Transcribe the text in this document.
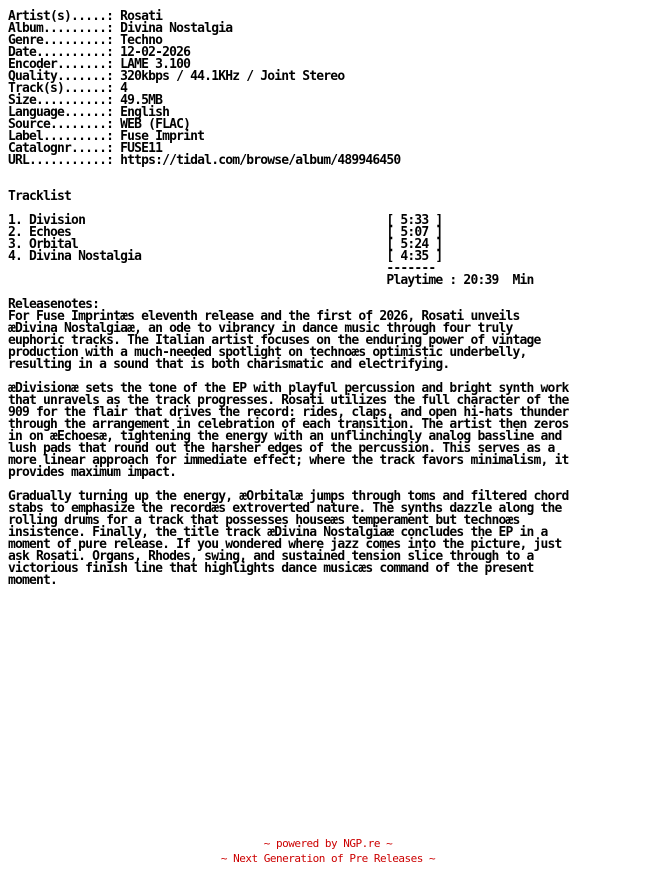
Artist(s).....: Rosati
Album.........: Divina Nostalgia
Genre.........: Techno
Date..........: 12-02-2026
Encoder.......: LAME 3.100
Quality.......: 320kbps / 44.1KHz / Joint Stereo
Track(s)......: 4
Size..........: 49.5MB
Language......: English
Source........: WEB (FLAC)
Label.........: Fuse Imprint
Catalognr.....: FUSE11
URL...........: https://tidal.com/browse/album/489946450

Tracklist

1. Division                                           [ 5:33 ]
2. Echoes                                             [ 5:07 ]
3. Orbital                                            [ 5:24 ]
4. Divina Nostalgia                                   [ 4:35 ]
-------
Playtime : 20:39  Min

Releasenotes:
For Fuse Imprintæs eleventh release and the first of 2026, Rosati unveils
æDivina Nostalgiaæ, an ode to vibrancy in dance music through four truly
euphoric tracks. The Italian artist focuses on the enduring power of vintage
production with a much-needed spotlight on technoæs optimistic underbelly,
resulting in a sound that is both charismatic and electrifying.

æDivisionæ sets the tone of the EP with playful percussion and bright synth work
that unravels as the track progresses. Rosati utilizes the full character of the
909 for the flair that drives the record: rides, claps, and open hi-hats thunder
through the arrangement in celebration of each transition. The artist then zeros
in on æEchoesæ, tightening the energy with an unflinchingly analog bassline and
lush pads that round out the harsher edges of the percussion. This serves as a
more linear approach for immediate effect; where the track favors minimalism, it
provides maximum impact.

Gradually turning up the energy, æOrbitalæ jumps through toms and filtered chord
stabs to emphasize the recordæs extroverted nature. The synths dazzle along the
rolling drums for a track that possesses houseæs temperament but technoæs
insistence. Finally, the title track æDivina Nostalgiaæ concludes the EP in a
moment of pure release. If you wondered where jazz comes into the picture, just
ask Rosati. Organs, Rhodes, swing, and sustained tension slice through to a
victorious finish line that highlights dance musicæs command of the present
moment.
~ powered by NGP.re ~
~ Next Generation of Pre Releases ~
